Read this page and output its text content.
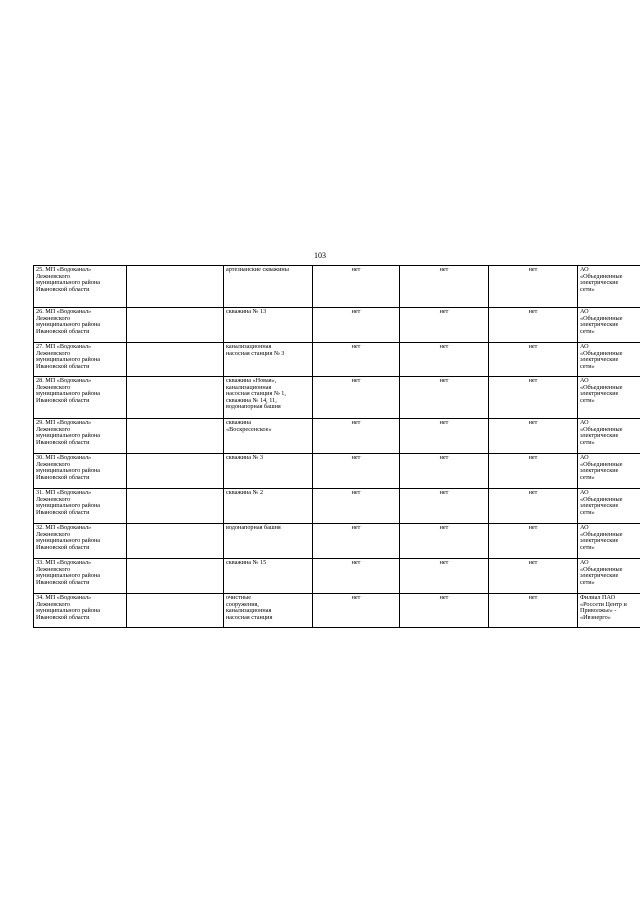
103
25. МП «Водоканал»
Лежневского
муниципального района
Ивановской области		артезианские скважины	нет	нет	нет	АО
«Объединенные
электрические
сети»

26. МП «Водоканал»
Лежневского
муниципального района
Ивановской области		скважина № 13	нет	нет	нет	АО
«Объединенные
электрические
сети»

27. МП «Водоканал»
Лежневского
муниципального района
Ивановской области		канализационная
насосная станция № 3	нет	нет	нет	АО
«Объединенные
электрические
сети»

28. МП «Водоканал»
Лежневского
муниципального района
Ивановской области		скважина «Новая»,
канализационная
насосная станция № 1,
скважина № 14, 11,
водонапорная башня	нет	нет	нет	АО
«Объединенные
электрические
сети»

29. МП «Водоканал»
Лежневского
муниципального района
Ивановской области		скважина
«Воскресенское»	нет	нет	нет	АО
«Объединенные
электрические
сети»

30. МП «Водоканал»
Лежневского
муниципального района
Ивановской области		скважина № 3	нет	нет	нет	АО
«Объединенные
электрические
сети»

31. МП «Водоканал»
Лежневского
муниципального района
Ивановской области		скважина № 2	нет	нет	нет	АО
«Объединенные
электрические
сети»

32. МП «Водоканал»
Лежневского
муниципального района
Ивановской области		водонапорная башня	нет	нет	нет	АО
«Объединенные
электрические
сети»

33. МП «Водоканал»
Лежневского
муниципального района
Ивановской области		скважина № 15	нет	нет	нет	АО
«Объединенные
электрические
сети»

34. МП «Водоканал»
Лежневского
муниципального района
Ивановской области		очистные
сооружения,
канализационная
насосная станция	нет	нет	нет	Филиал ПАО
«Россети Центр и
Приволжье» -
«Ивэнерго»
